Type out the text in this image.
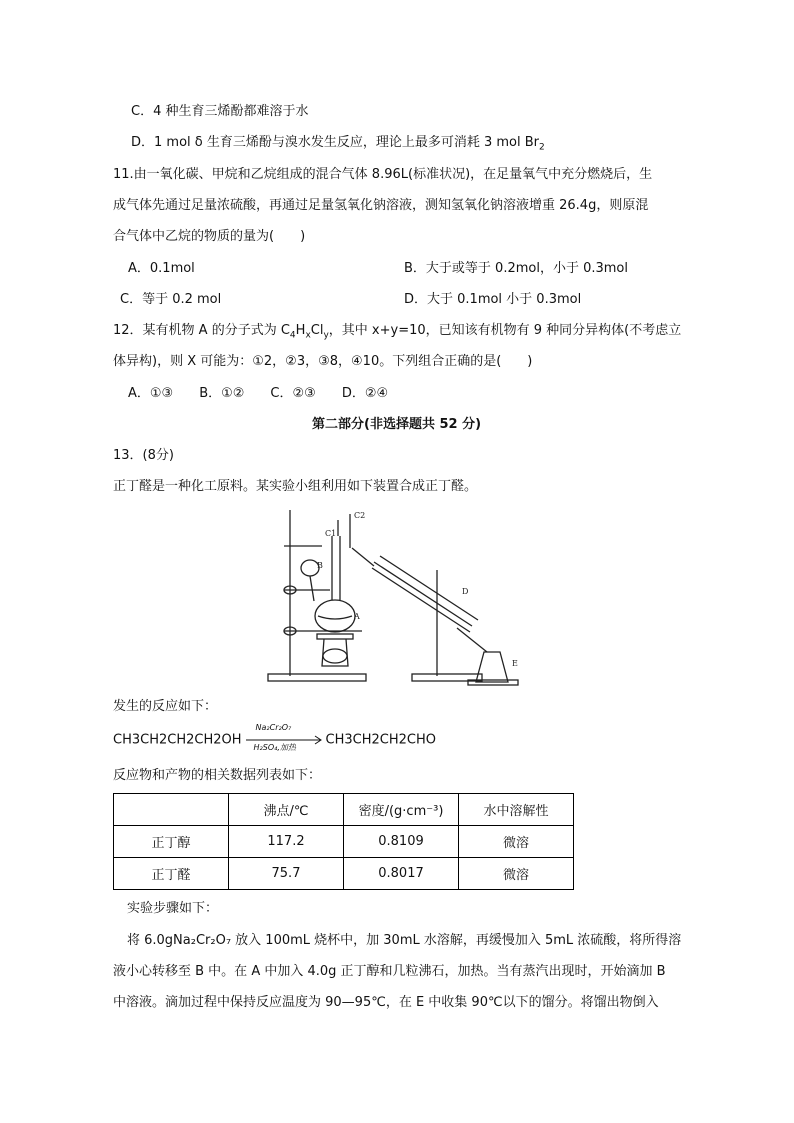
C．4 种生育三烯酚都难溶于水
D．1 mol δ 生育三烯酚与溴水发生反应，理论上最多可消耗 3 mol $Br_2$
11.由一氧化碳、甲烷和乙烷组成的混合气体 8.96L(标准状况)，在足量氧气中充分燃烧后，生
成气体先通过足量浓硫酸，再通过足量氢氧化钠溶液，测知氢氧化钠溶液增重 26.4g，则原混
合气体中乙烷的物质的量为(　　)
A．0.1mol	B．大于或等于 0.2mol，小于 0.3mol
C．等于 0.2 mol	D．大于 0.1mol 小于 0.3mol
12．某有机物 A 的分子式为 $C_4H_xCl_y$，其中 x+y=10，已知该有机物有 9 种同分异构体(不考虑立
体异构)，则 X 可能为：①2，②3，③8，④10。下列组合正确的是(　　)
A．①③　　B．①②　　C．②③　　D．②④
第二部分(非选择题共 52 分)
13．(8分)
正丁醛是一种化工原料。某实验小组利用如下装置合成正丁醛。
C1
C2
B
A
D
E
发生的反应如下：
CH3CH2CH2CH2OH
Na₂Cr₂O₇
H₂SO₄,加热 CH3CH2CH2CHO
反应物和产物的相关数据列表如下：
	沸点/℃	密度/(g·cm⁻³)	水中溶解性
正丁醇	117.2	0.8109	微溶
正丁醛	75.7	0.8017	微溶
实验步骤如下：
将 6.0gNa₂Cr₂O₇ 放入 100mL 烧杯中，加 30mL 水溶解，再缓慢加入 5mL 浓硫酸，将所得溶
液小心转移至 B 中。在 A 中加入 4.0g 正丁醇和几粒沸石，加热。当有蒸汽出现时，开始滴加 B
中溶液。滴加过程中保持反应温度为 90—95℃，在 E 中收集 90℃以下的馏分。将馏出物倒入
